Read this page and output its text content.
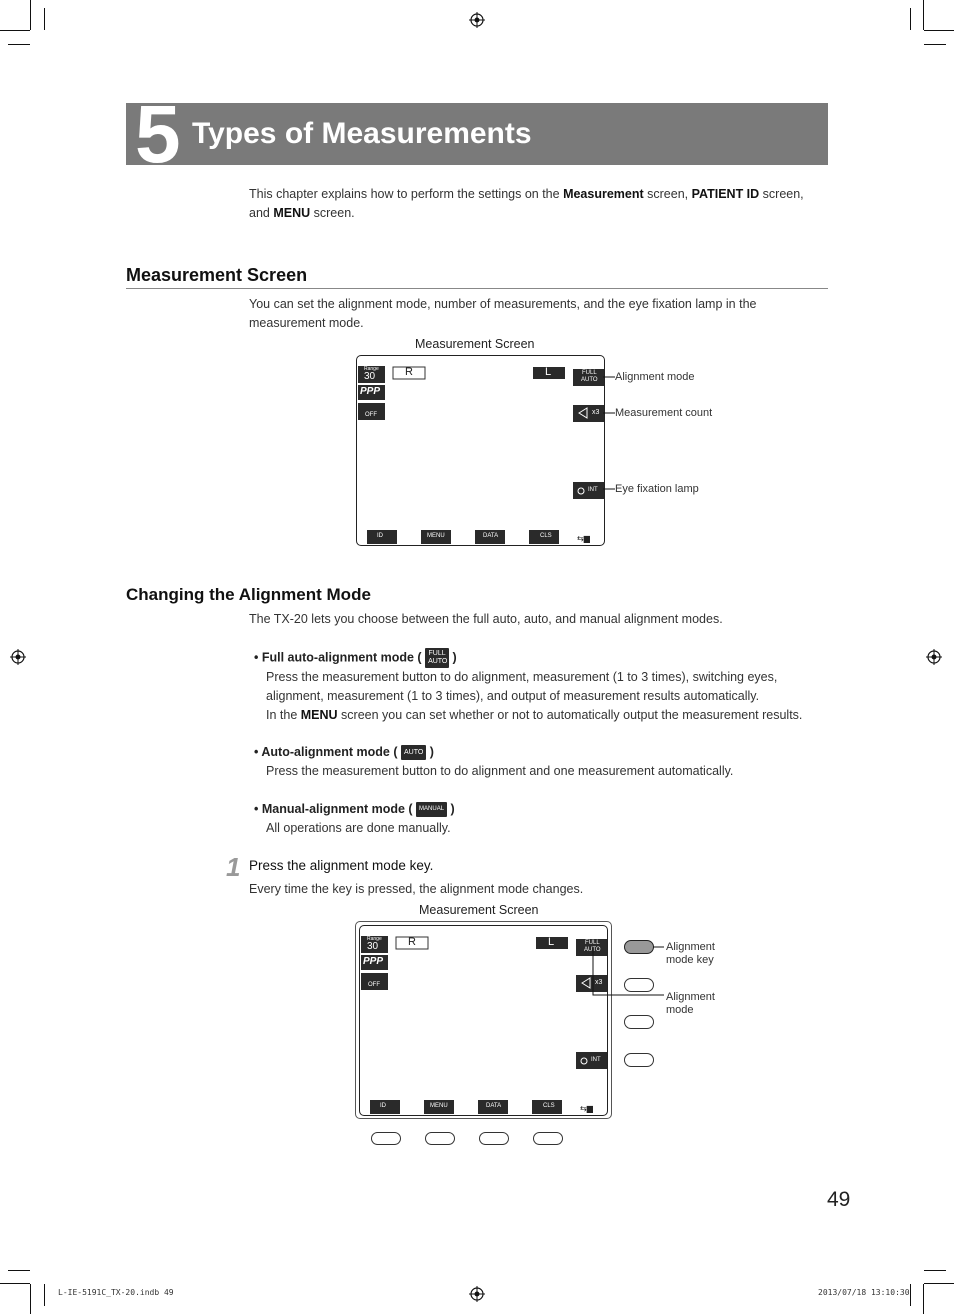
5 Types of Measurements
This chapter explains how to perform the settings on the Measurement screen, PATIENT ID screen,
and MENU screen.
Measurement Screen
You can set the alignment mode, number of measurements, and the eye fixation lamp in the
measurement mode.
Measurement Screen
Range
30
PPP
OFF
R	L	FULL
AUTO
x3
INT
ID	MENU	DATA	CLS	⇆▆
Alignment mode
Measurement count
Eye fixation lamp
Changing the Alignment Mode
The TX-20 lets you choose between the full auto, auto, and manual alignment modes.
• Full auto-alignment mode ( FULL AUTO )
Press the measurement button to do alignment, measurement (1 to 3 times), switching eyes,
alignment, measurement (1 to 3 times), and output of measurement results automatically.
In the MENU screen you can set whether or not to automatically output the measurement results.
• Auto-alignment mode ( AUTO )
Press the measurement button to do alignment and one measurement automatically.
• Manual-alignment mode ( MANUAL )
All operations are done manually.
1 Press the alignment mode key.
Every time the key is pressed, the alignment mode changes.
Measurement Screen
Range
30
PPP
OFF
R	L	FULL
AUTO
x3
INT
ID	MENU	DATA	CLS	⇆▆
Alignment
mode key
Alignment
mode
49
L-IE-5191C_TX-20.indb 49	2013/07/18 13:10:30
